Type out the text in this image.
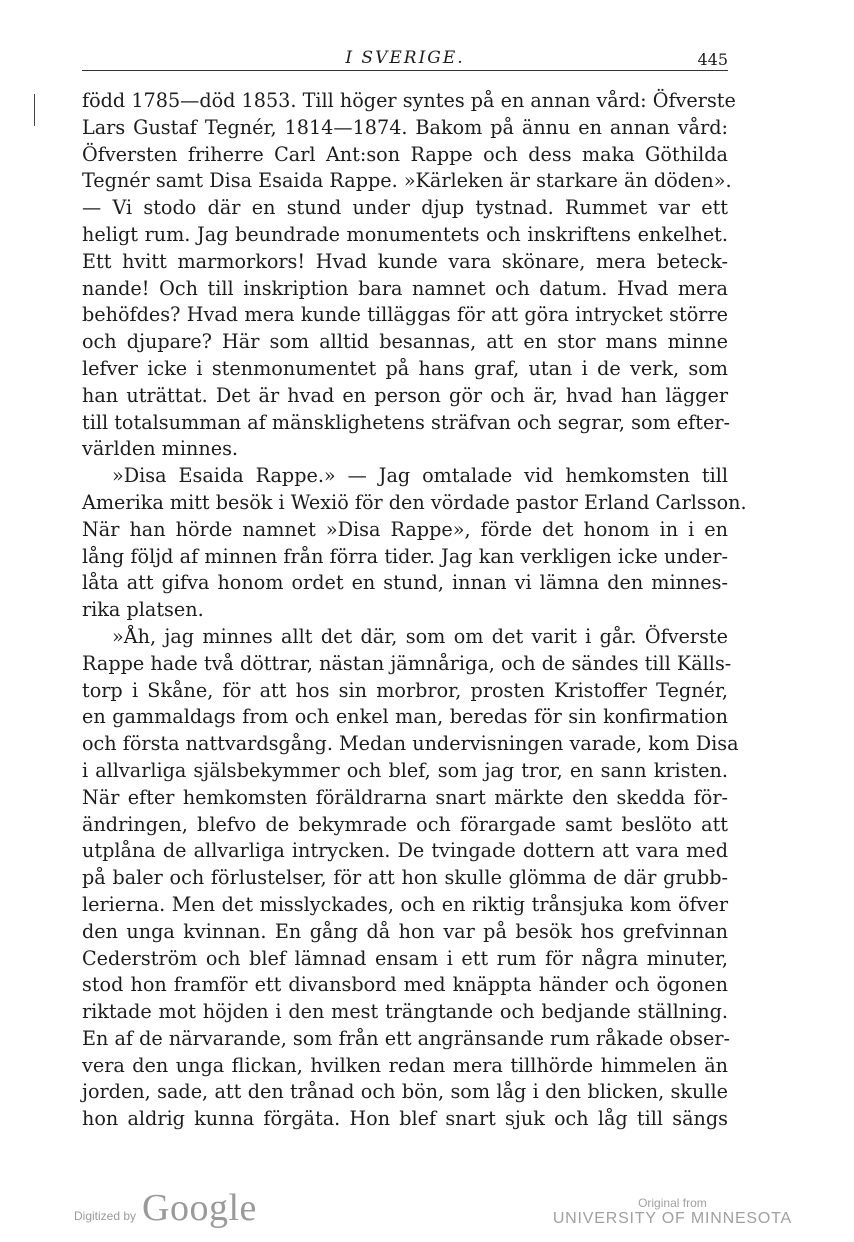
I SVERIGE.	445
född 1785—död 1853. Till höger syntes på en annan vård: Öfverste
Lars Gustaf Tegnér, 1814—1874. Bakom på ännu en annan vård:
Öfversten friherre Carl Ant:son Rappe och dess maka Göthilda
Tegnér samt Disa Esaida Rappe. »Kärleken är starkare än döden».
— Vi stodo där en stund under djup tystnad. Rummet var ett
heligt rum. Jag beundrade monumentets och inskriftens enkelhet.
Ett hvitt marmorkors! Hvad kunde vara skönare, mera beteck-
nande! Och till inskription bara namnet och datum. Hvad mera
behöfdes? Hvad mera kunde tilläggas för att göra intrycket större
och djupare? Här som alltid besannas, att en stor mans minne
lefver icke i stenmonumentet på hans graf, utan i de verk, som
han uträttat. Det är hvad en person gör och är, hvad han lägger
till totalsumman af mänsklighetens sträfvan och segrar, som efter-
världen minnes.
»Disa Esaida Rappe.» — Jag omtalade vid hemkomsten till
Amerika mitt besök i Wexiö för den vördade pastor Erland Carlsson.
När han hörde namnet »Disa Rappe», förde det honom in i en
lång följd af minnen från förra tider. Jag kan verkligen icke under-
låta att gifva honom ordet en stund, innan vi lämna den minnes-
rika platsen.
»Åh, jag minnes allt det där, som om det varit i går. Öfverste
Rappe hade två döttrar, nästan jämnåriga, och de sändes till Källs-
torp i Skåne, för att hos sin morbror, prosten Kristoffer Tegnér,
en gammaldags from och enkel man, beredas för sin konfirmation
och första nattvardsgång. Medan undervisningen varade, kom Disa
i allvarliga själsbekymmer och blef, som jag tror, en sann kristen.
När efter hemkomsten föräldrarna snart märkte den skedda för-
ändringen, blefvo de bekymrade och förargade samt beslöto att
utplåna de allvarliga intrycken. De tvingade dottern att vara med
på baler och förlustelser, för att hon skulle glömma de där grubb-
lerierna. Men det misslyckades, och en riktig trånsjuka kom öfver
den unga kvinnan. En gång då hon var på besök hos grefvinnan
Cederström och blef lämnad ensam i ett rum för några minuter,
stod hon framför ett divansbord med knäppta händer och ögonen
riktade mot höjden i den mest trängtande och bedjande ställning.
En af de närvarande, som från ett angränsande rum råkade obser-
vera den unga flickan, hvilken redan mera tillhörde himmelen än
jorden, sade, att den trånad och bön, som låg i den blicken, skulle
hon aldrig kunna förgäta. Hon blef snart sjuk och låg till sängs
Digitized by Google	Original from
UNIVERSITY OF MINNESOTA
